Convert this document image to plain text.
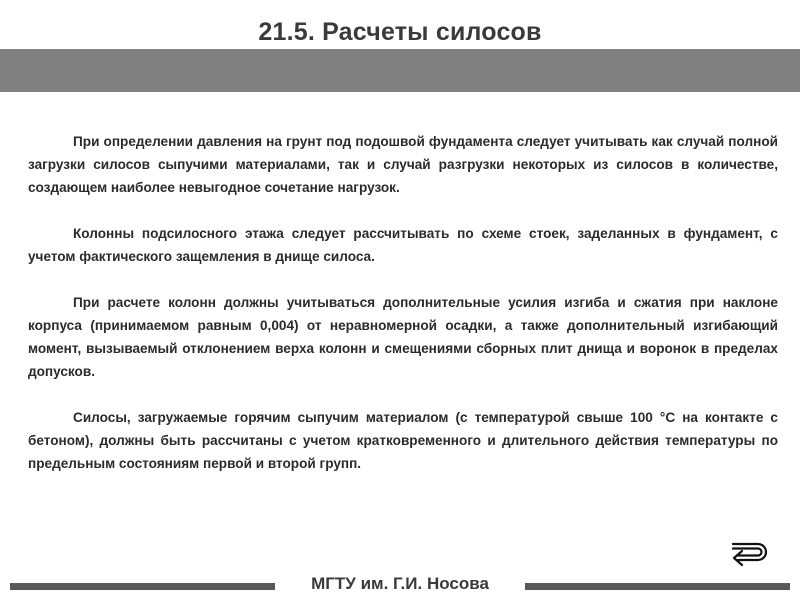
21.5. Расчеты силосов

При определении давления на грунт под подошвой фундамента следует учитывать как случай полной загрузки силосов сыпучими материалами, так и случай разгрузки некоторых из силосов в количестве, создающем наиболее невыгодное сочетание нагрузок.

Колонны подсилосного этажа следует рассчитывать по схеме стоек, заделанных в фундамент, с учетом фактического защемления в днище силоса.

При расчете колонн должны учитываться дополнительные усилия изгиба и сжатия при наклоне корпуса (принимаемом равным 0,004) от неравномерной осадки, а также дополнительный изгибающий момент, вызываемый отклонением верха колонн и смещениями сборных плит днища и воронок в пределах допусков.

Силосы, загружаемые горячим сыпучим материалом (с температурой свыше 100 °С на контакте с бетоном), должны быть рассчитаны с учетом кратковременного и длительного действия температуры по предельным состояниям первой и второй групп.

МГТУ им. Г.И. Носова
